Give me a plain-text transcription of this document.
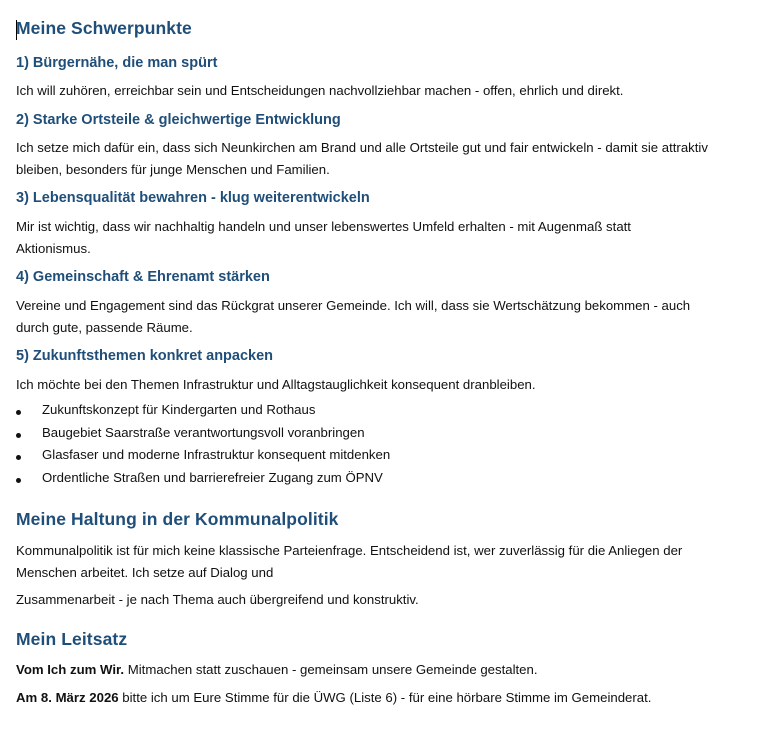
Meine Schwerpunkte
1) Bürgernähe, die man spürt
Ich will zuhören, erreichbar sein und Entscheidungen nachvollziehbar machen - offen, ehrlich und direkt.
2) Starke Ortsteile & gleichwertige Entwicklung
Ich setze mich dafür ein, dass sich Neunkirchen am Brand und alle Ortsteile gut und fair entwickeln - damit sie attraktiv
bleiben, besonders für junge Menschen und Familien.
3) Lebensqualität bewahren - klug weiterentwickeln
Mir ist wichtig, dass wir nachhaltig handeln und unser lebenswertes Umfeld erhalten - mit Augenmaß statt
Aktionismus.
4) Gemeinschaft & Ehrenamt stärken
Vereine und Engagement sind das Rückgrat unserer Gemeinde. Ich will, dass sie Wertschätzung bekommen - auch
durch gute, passende Räume.
5) Zukunftsthemen konkret anpacken
Ich möchte bei den Themen Infrastruktur und Alltagstauglichkeit konsequent dranbleiben.
Zukunftskonzept für Kindergarten und Rothaus
Baugebiet Saarstraße verantwortungsvoll voranbringen
Glasfaser und moderne Infrastruktur konsequent mitdenken
Ordentliche Straßen und barrierefreier Zugang zum ÖPNV
Meine Haltung in der Kommunalpolitik
Kommunalpolitik ist für mich keine klassische Parteienfrage. Entscheidend ist, wer zuverlässig für die Anliegen der
Menschen arbeitet. Ich setze auf Dialog und
Zusammenarbeit - je nach Thema auch übergreifend und konstruktiv.
Mein Leitsatz
Vom Ich zum Wir. Mitmachen statt zuschauen - gemeinsam unsere Gemeinde gestalten.
Am 8. März 2026 bitte ich um Eure Stimme für die ÜWG (Liste 6) - für eine hörbare Stimme im Gemeinderat.
